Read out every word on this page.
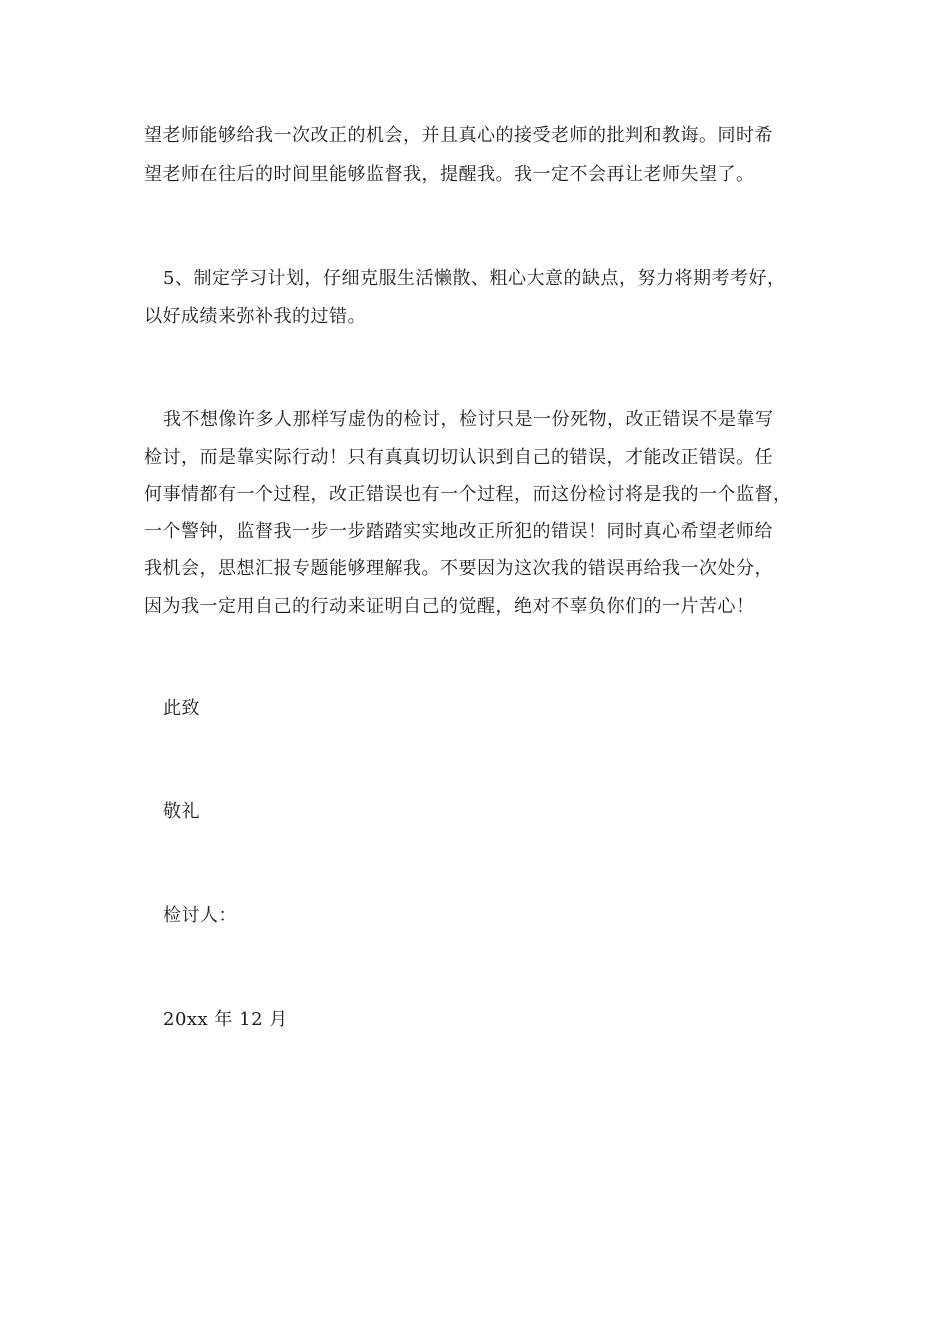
望老师能够给我一次改正的机会，并且真心的接受老师的批判和教诲。同时希

望老师在往后的时间里能够监督我，提醒我。我一定不会再让老师失望了。

5、制定学习计划，仔细克服生活懒散、粗心大意的缺点，努力将期考考好，

以好成绩来弥补我的过错。

我不想像许多人那样写虚伪的检讨，检讨只是一份死物，改正错误不是靠写

检讨，而是靠实际行动！只有真真切切认识到自己的错误，才能改正错误。任

何事情都有一个过程，改正错误也有一个过程，而这份检讨将是我的一个监督，

一个警钟，监督我一步一步踏踏实实地改正所犯的错误！同时真心希望老师给

我机会，思想汇报专题能够理解我。不要因为这次我的错误再给我一次处分，

因为我一定用自己的行动来证明自己的觉醒，绝对不辜负你们的一片苦心！

此致

敬礼

检讨人：

20xx 年 12 月
